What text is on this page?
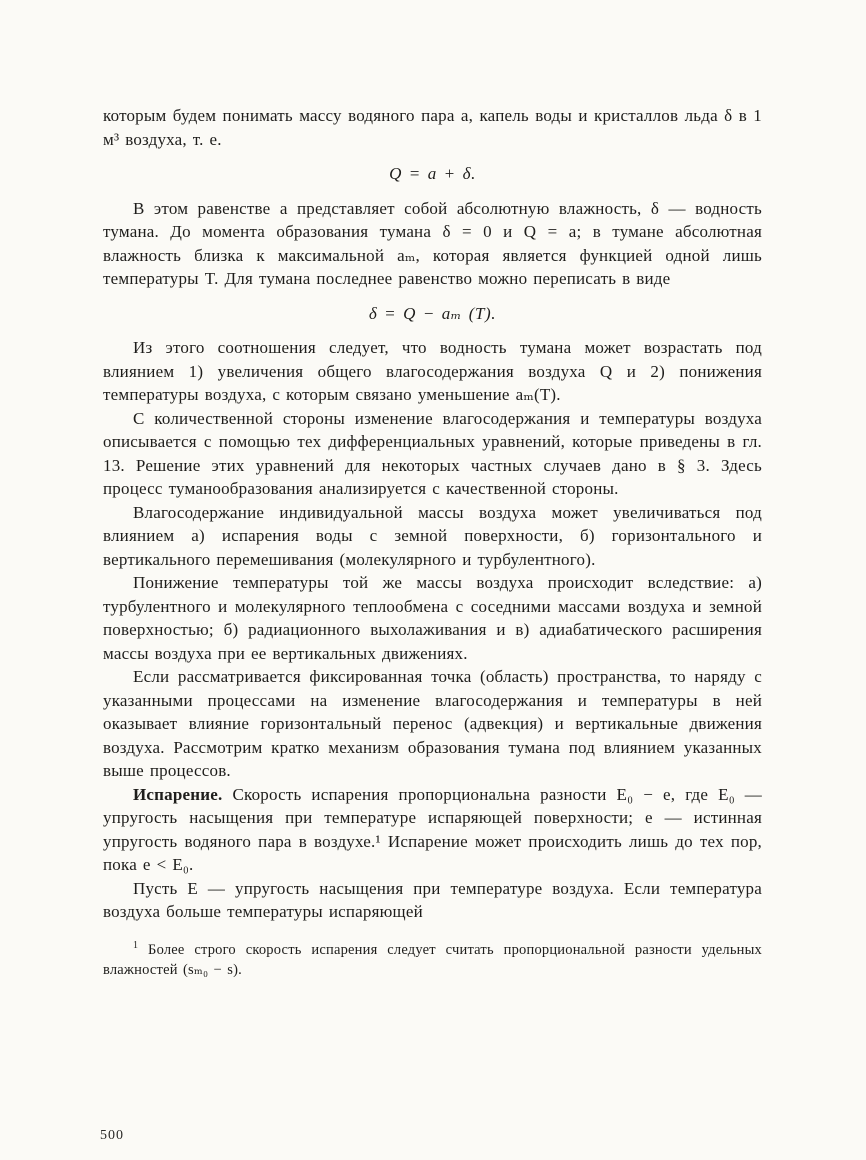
которым будем понимать массу водяного пара a, капель воды и кристаллов льда δ в 1 м³ воздуха, т. е.

Q = a + δ.

В этом равенстве a представляет собой абсолютную влажность, δ — водность тумана. До момента образования тумана δ = 0 и Q = a; в тумане абсолютная влажность близка к максимальной aₘ, которая является функцией одной лишь температуры T. Для тумана последнее равенство можно переписать в виде

δ = Q − aₘ (T).

Из этого соотношения следует, что водность тумана может возрастать под влиянием 1) увеличения общего влагосодержания воздуха Q и 2) понижения температуры воздуха, с которым связано уменьшение aₘ(T).

С количественной стороны изменение влагосодержания и температуры воздуха описывается с помощью тех дифференциальных уравнений, которые приведены в гл. 13. Решение этих уравнений для некоторых частных случаев дано в § 3. Здесь процесс туманообразования анализируется с качественной стороны.

Влагосодержание индивидуальной массы воздуха может увеличиваться под влиянием а) испарения воды с земной поверхности, б) горизонтального и вертикального перемешивания (молекулярного и турбулентного).

Понижение температуры той же массы воздуха происходит вследствие: а) турбулентного и молекулярного теплообмена с соседними массами воздуха и земной поверхностью; б) радиационного выхолаживания и в) адиабатического расширения массы воздуха при ее вертикальных движениях.

Если рассматривается фиксированная точка (область) пространства, то наряду с указанными процессами на изменение влагосодержания и температуры в ней оказывает влияние горизонтальный перенос (адвекция) и вертикальные движения воздуха. Рассмотрим кратко механизм образования тумана под влиянием указанных выше процессов.

Испарение. Скорость испарения пропорциональна разности E₀ − e, где E₀ — упругость насыщения при температуре испаряющей поверхности; e — истинная упругость водяного пара в воздухе.¹ Испарение может происходить лишь до тех пор, пока e < E₀.

Пусть E — упругость насыщения при температуре воздуха. Если температура воздуха больше температуры испаряющей

$^1$ Более строго скорость испарения следует считать пропорциональной разности удельных влажностей (sₘ₀ − s).

500
